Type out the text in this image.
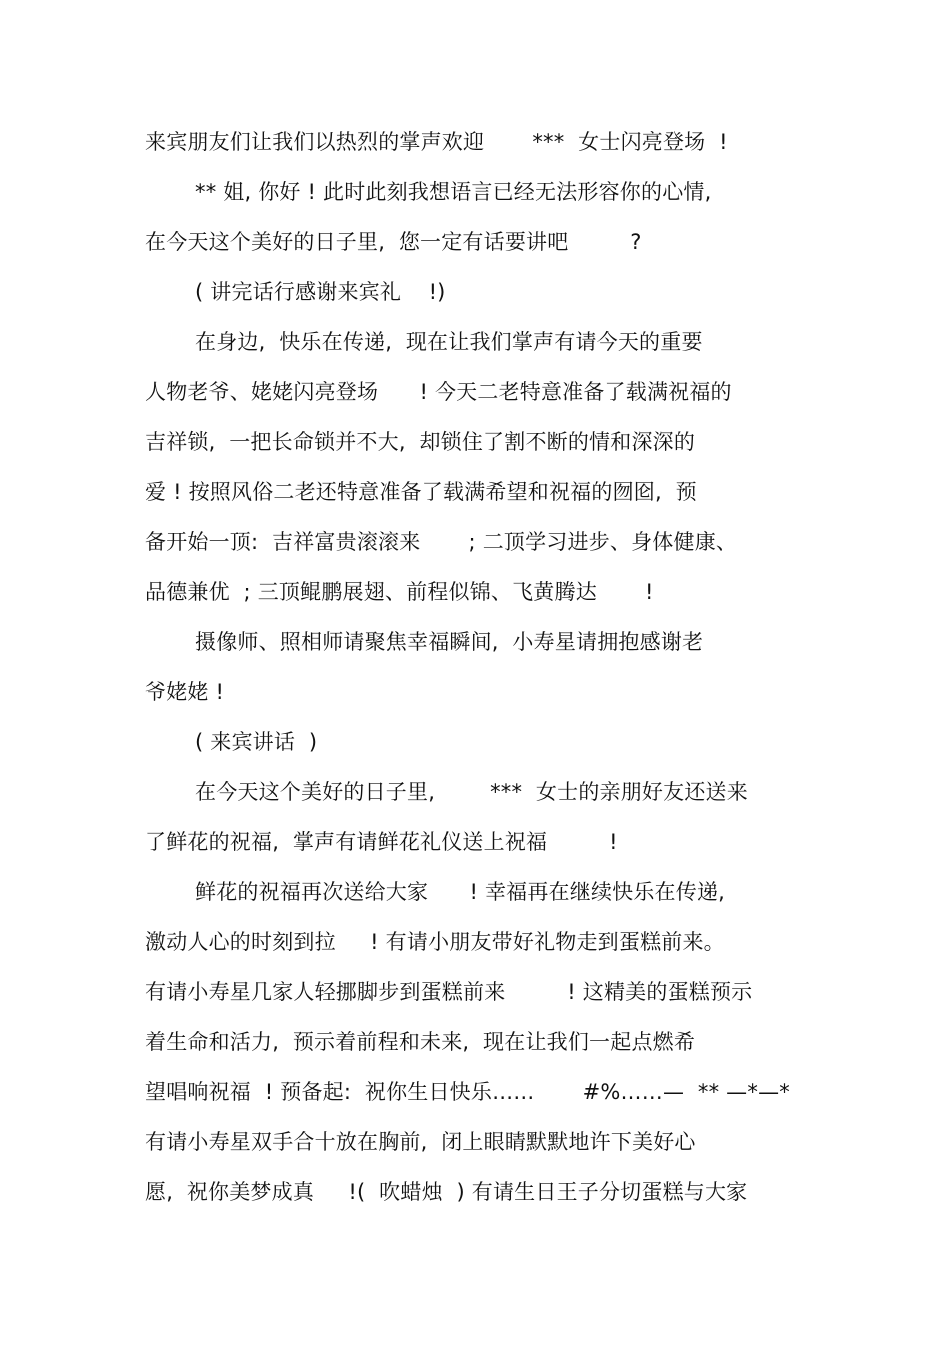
来宾朋友们让我们以热烈的掌声欢迎       ***  女士闪亮登场  !
** 姐, 你好 ! 此时此刻我想语言已经无法形容你的心情,
在今天这个美好的日子里,  您一定有话要讲吧         ?
( 讲完话行感谢来宾礼    !)
在身边,  快乐在传递,  现在让我们掌声有请今天的重要
人物老爷、姥姥闪亮登场      ! 今天二老特意准备了载满祝福的
吉祥锁,  一把长命锁并不大,  却锁住了割不断的情和深深的
爱 ! 按照风俗二老还特意准备了载满希望和祝福的囫囵,  预
备开始一顶:  吉祥富贵滚滚来       ; 二顶学习进步、身体健康、
品德兼优  ; 三顶鲲鹏展翅、前程似锦、飞黄腾达       !
摄像师、照相师请聚焦幸福瞬间,  小寿星请拥抱感谢老
爷姥姥 !
( 来宾讲话  )
在今天这个美好的日子里,        ***  女士的亲朋好友还送来
了鲜花的祝福,  掌声有请鲜花礼仪送上祝福         !
鲜花的祝福再次送给大家      ! 幸福再在继续快乐在传递,
激动人心的时刻到拉     ! 有请小朋友带好礼物走到蛋糕前来。
有请小寿星几家人轻挪脚步到蛋糕前来         ! 这精美的蛋糕预示
着生命和活力,  预示着前程和未来,  现在让我们一起点燃希
望唱响祝福  ! 预备起:  祝你生日快乐……       #%……—  ** —*—*
有请小寿星双手合十放在胸前,  闭上眼睛默默地许下美好心
愿,  祝你美梦成真     !(  吹蜡烛  ) 有请生日王子分切蛋糕与大家
